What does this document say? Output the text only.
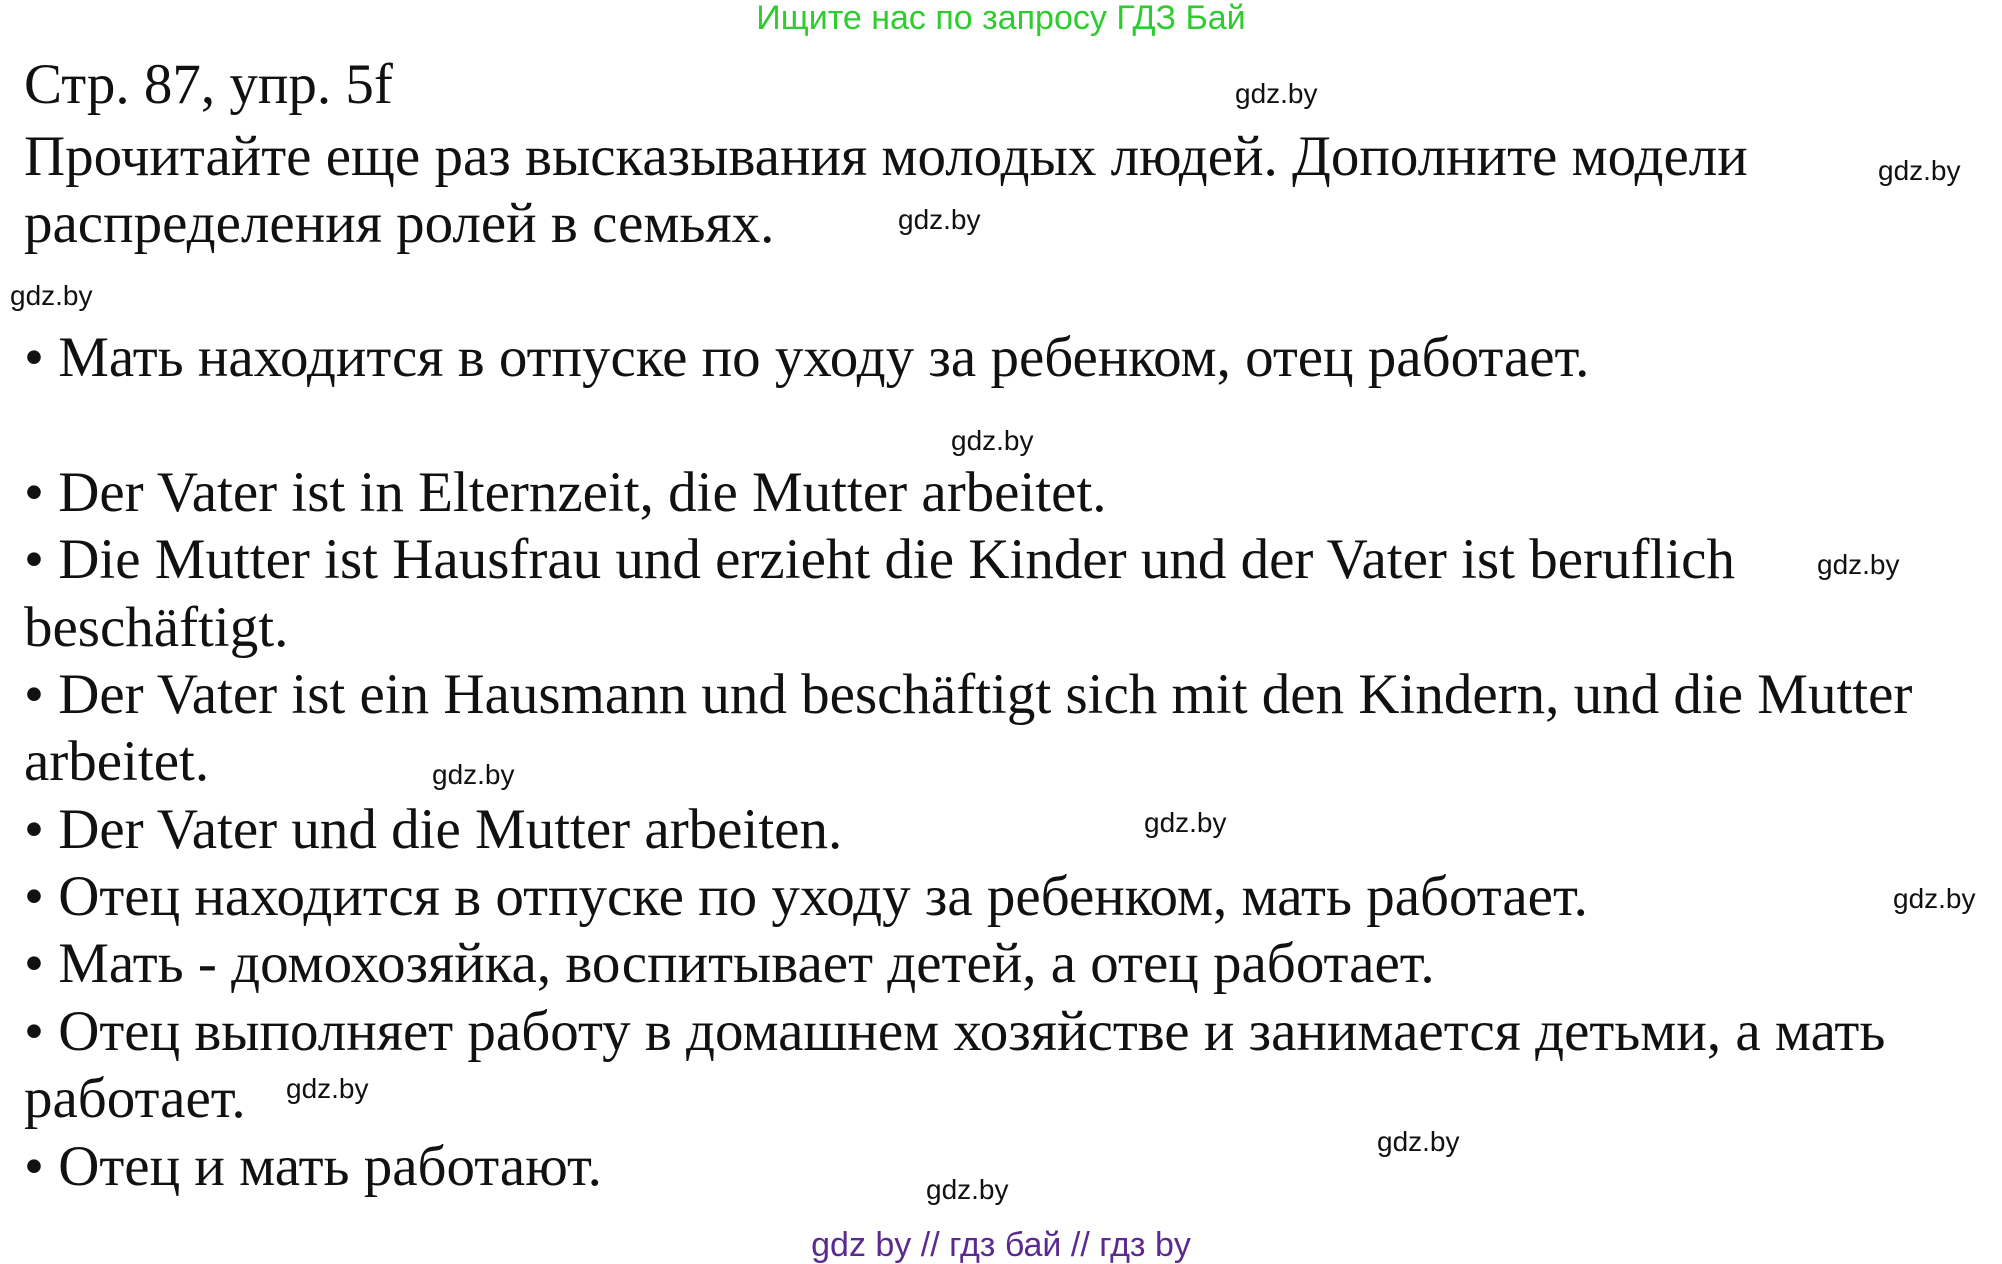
Ищите нас по запросу ГДЗ Бай
Стр. 87, упр. 5f
Прочитайте еще раз высказывания молодых людей. Дополните модели
распределения ролей в семьях.
• Мать находится в отпуске по уходу за ребенком, отец работает.
• Der Vater ist in Elternzeit, die Mutter arbeitet.
• Die Mutter ist Hausfrau und erzieht die Kinder und der Vater ist beruflich
beschäftigt.
• Der Vater ist ein Hausmann und beschäftigt sich mit den Kindern, und die Mutter
arbeitet.
• Der Vater und die Mutter arbeiten.
• Отец находится в отпуске по уходу за ребенком, мать работает.
• Мать - домохозяйка, воспитывает детей, а отец работает.
• Отец выполняет работу в домашнем хозяйстве и занимается детьми, а мать
работает.
• Отец и мать работают.
gdz.by
gdz.by
gdz.by
gdz.by
gdz.by
gdz.by
gdz.by
gdz.by
gdz.by
gdz.by
gdz.by
gdz.by
gdz by // гдз бай // гдз by
